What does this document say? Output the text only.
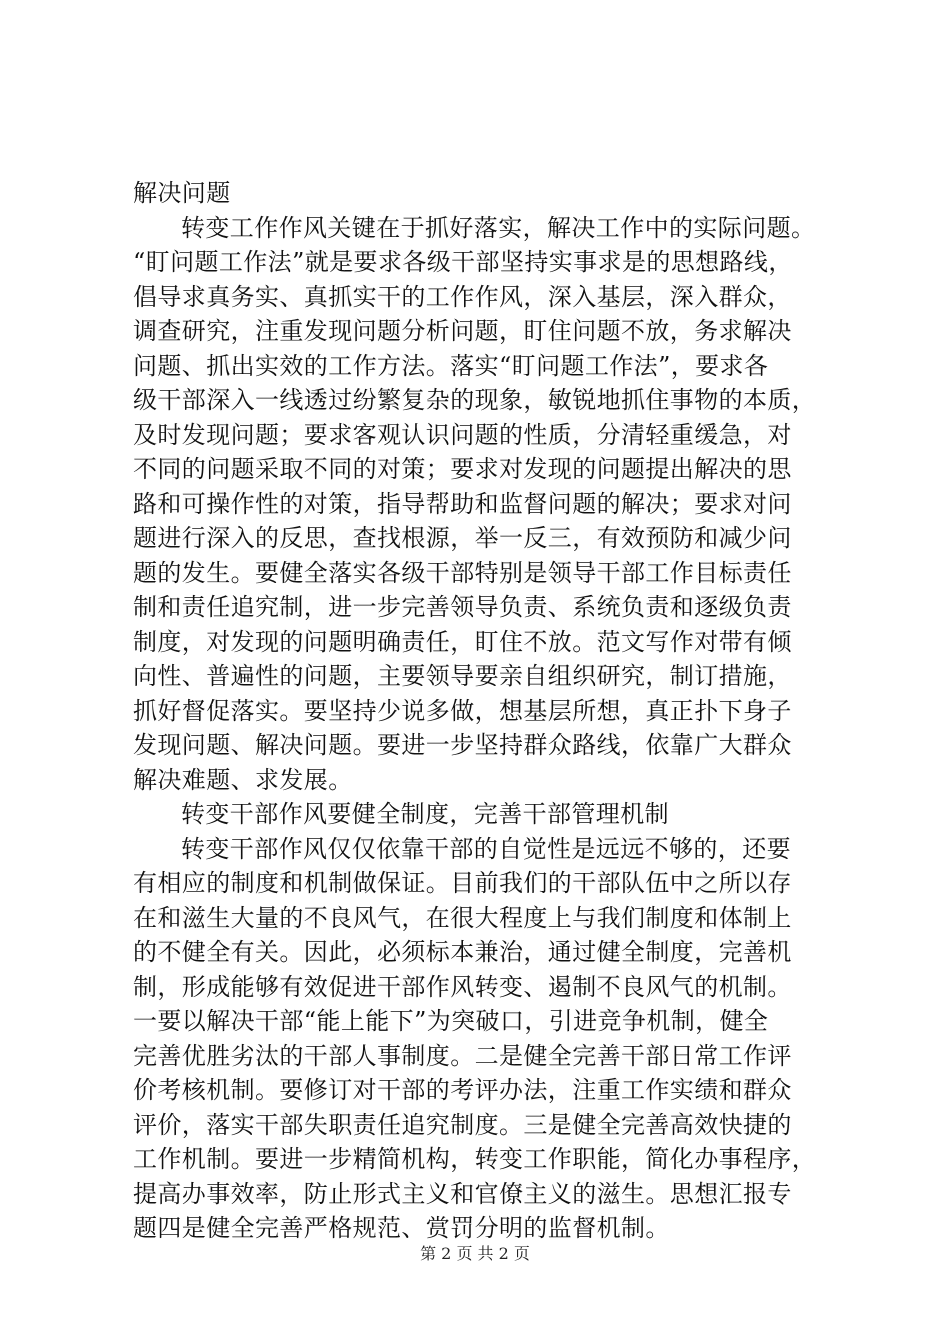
解决问题
转变工作作风关键在于抓好落实，解决工作中的实际问题。
“盯问题工作法”就是要求各级干部坚持实事求是的思想路线，
倡导求真务实、真抓实干的工作作风，深入基层，深入群众，
调查研究，注重发现问题分析问题，盯住问题不放，务求解决
问题、抓出实效的工作方法。落实“盯问题工作法”，要求各
级干部深入一线透过纷繁复杂的现象，敏锐地抓住事物的本质，
及时发现问题；要求客观认识问题的性质，分清轻重缓急，对
不同的问题采取不同的对策；要求对发现的问题提出解决的思
路和可操作性的对策，指导帮助和监督问题的解决；要求对问
题进行深入的反思，查找根源，举一反三，有效预防和减少问
题的发生。要健全落实各级干部特别是领导干部工作目标责任
制和责任追究制，进一步完善领导负责、系统负责和逐级负责
制度，对发现的问题明确责任，盯住不放。范文写作对带有倾
向性、普遍性的问题，主要领导要亲自组织研究，制订措施，
抓好督促落实。要坚持少说多做，想基层所想，真正扑下身子
发现问题、解决问题。要进一步坚持群众路线，依靠广大群众
解决难题、求发展。
转变干部作风要健全制度，完善干部管理机制
转变干部作风仅仅依靠干部的自觉性是远远不够的，还要
有相应的制度和机制做保证。目前我们的干部队伍中之所以存
在和滋生大量的不良风气，在很大程度上与我们制度和体制上
的不健全有关。因此，必须标本兼治，通过健全制度，完善机
制，形成能够有效促进干部作风转变、遏制不良风气的机制。
一要以解决干部“能上能下”为突破口，引进竞争机制，健全
完善优胜劣汰的干部人事制度。二是健全完善干部日常工作评
价考核机制。要修订对干部的考评办法，注重工作实绩和群众
评价，落实干部失职责任追究制度。三是健全完善高效快捷的
工作机制。要进一步精简机构，转变工作职能，简化办事程序，
提高办事效率，防止形式主义和官僚主义的滋生。思想汇报专
题四是健全完善严格规范、赏罚分明的监督机制。
第 2 页 共 2 页
